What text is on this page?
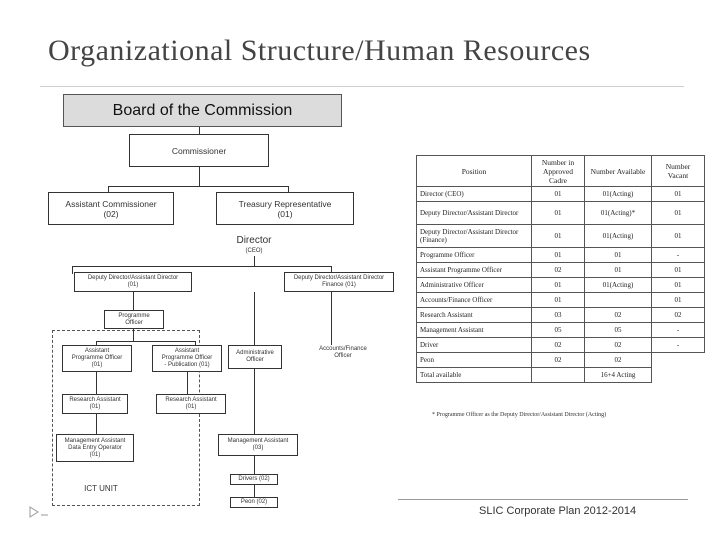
Organizational Structure/Human Resources
Board of the Commission
Commissioner
Assistant Commissioner
(02)
Treasury Representative
(01)
Director
(CEO)
Deputy Director/Assistant Director
(01)
Deputy Director/Assistant Director
Finance (01)
Programme
Officer
Assistant
Programme Officer
(01)
Assistant
Programme Officer
- Publication (01)
Administrative
Officer
Accounts/Finance
Officer
Research Assistant
(01)
Research Assistant
(01)
Management Assistant
Data Entry Operator
(01)
Management Assistant
(03)
Drivers (02)
Peon (02)
ICT UNIT
Position	Number in Approved Cadre	Number Available	Number Vacant
Director (CEO)	01	01(Acting)	01
Deputy Director/Assistant Director	01	01(Acting)*	01
Deputy Director/Assistant Director (Finance)	01	01(Acting)	01
Programme Officer	01	01	-
Assistant Programme Officer	02	01	01
Administrative Officer	01	01(Acting)	01
Accounts/Finance Officer	01		01
Research Assistant	03	02	02
Management Assistant	05	05	-
Driver	02	02	-
Peon	02	02	
Total available		16+4 Acting	
* Programme Officer as the Deputy Director/Assistant Director (Acting)
SLIC Corporate Plan 2012-2014
